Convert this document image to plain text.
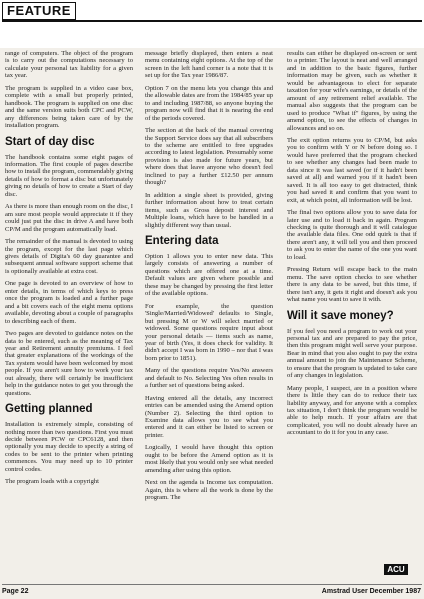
FEATURE

range of computers. The object of the program is to carry out the computations necessary to calculate your personal tax liability for a given tax year.

The program is supplied in a video case box, complete with a small but properly printed, handbook. The program is supplied on one disc and the same version suits both CPC and PCW, any differences being taken care of by the installation program.

Start of day disc

The handbook contains some eight pages of information. The first couple of pages describe how to install the program, commendably giving details of how to format a disc but unfortunately giving no details of how to create a Start of day disc.

As there is more than enough room on the disc, I am sure most people would appreciate it if they could just put the disc in drive A and have both CP/M and the program automatically load.

The remainder of the manual is devoted to using the program, except for the last page which gives details of Digita's 60 day guarantee and subsequent annual software support scheme that is optionally available at extra cost.

One page is devoted to an overview of how to enter details, in terms of which keys to press once the program is loaded and a further page and a bit covers each of the eight menu options available, devoting about a couple of paragraphs to describing each of them.

Two pages are devoted to guidance notes on the data to be entered, such as the meaning of Tax year and Retirement annuity premiums. I feel that greater explanations of the workings of the Tax system would have been welcomed by most people. If you aren't sure how to work your tax out already, there will certainly be insufficient help in the guidance notes to get you through the questions.

Getting planned

Installation is extremely simple, consisting of nothing more than two questions. First you must decide between PCW or CPC6128, and then optionally you may decide to specify a string of codes to be sent to the printer when printing commences. You may need up to 10 printer control codes.

The program loads with a copyright

message briefly displayed, then enters a neat menu containing eight options. At the top of the screen in the left hand corner is a note that it is set up for the Tax year 1986/87.

Option 7 on the menu lets you change this and the allowable dates are from the 1984/85 year up to and including 1987/88, so anyone buying the program now will find that it is nearing the end of the periods covered.

The section at the back of the manual covering the Support Service does say that all subscribers to the scheme are entitled to free upgrades according to latest legislation. Presumably some provision is also made for future years, but where does that leave anyone who doesn't feel inclined to pay a further £12.50 per annum though?

In addition a single sheet is provided, giving further information about how to treat certain items, such as Gross deposit interest and Multiple loans, which have to be handled in a slightly different way than usual.

Entering data

Option 1 allows you to enter new data. This largely consists of answering a number of questions which are offered one at a time. Default values are given where possible and these may be changed by pressing the first letter of the available options.

For example, the question 'Single/Married/Widowed' defaults to Single, but pressing M or W will select married or widowed. Some questions require input about your personal details — items such as name, year of birth (Yes, it does check for validity. It didn't accept I was born in 1990 – nor that I was born prior to 1851).

Many of the questions require Yes/No answers and default to No. Selecting Yes often results in a further set of questions being asked.

Having entered all the details, any incorrect entries can be amended using the Amend option (Number 2). Selecting the third option to Examine data allows you to see what you entered and it can either be listed to screen or printer.

Logically, I would have thought this option ought to be before the Amend option as it is most likely that you would only see what needed amending after using this option.

Next on the agenda is Income tax computation. Again, this is where all the work is done by the program. The

results can either be displayed on-screen or sent to a printer. The layout is neat and well arranged and in addition to the basic figures, further information may be given, such as whether it would be advantageous to elect for separate taxation for your wife's earnings, or details of the amount of any retirement relief available. The manual also suggests that the program can be used to produce "What if" figures, by using the amend option, to see the effects of changes in allowances and so on.

The exit option returns you to CP/M, but asks you to confirm with Y or N before doing so. I would have preferred that the program checked to see whether any changes had been made to data since it was last saved (or if it hadn't been saved at all) and warned you if it hadn't been saved. It is all too easy to get distracted, think you had saved it and confirm that you want to exit, at which point, all information will be lost.

The final two options allow you to save data for later use and to load it back in again. Program checking is quite thorough and it will catalogue the available data files. One odd quirk is that if there aren't any, it will tell you and then proceed to ask you to enter the name of the one you want to load.

Pressing Return will escape back to the main menu. The save option checks to see whether there is any data to be saved, but this time, if there isn't any, it gets it right and doesn't ask you what name you want to save it with.

Will it save money?

If you feel you need a program to work out your personal tax and are prepared to pay the price, then this program might well serve your purpose. Bear in mind that you also ought to pay the extra annual amount to join the Maintenance Scheme, to ensure that the program is updated to take care of any changes in legislation.

Many people, I suspect, are in a position where there is little they can do to reduce their tax liability anyway, and for anyone with a complex tax situation, I don't think the program would be able to help much. If your affairs are that complicated, you will no doubt already have an accountant to do it for you in any case.

ACU
Page 22	Amstrad User December 1987
